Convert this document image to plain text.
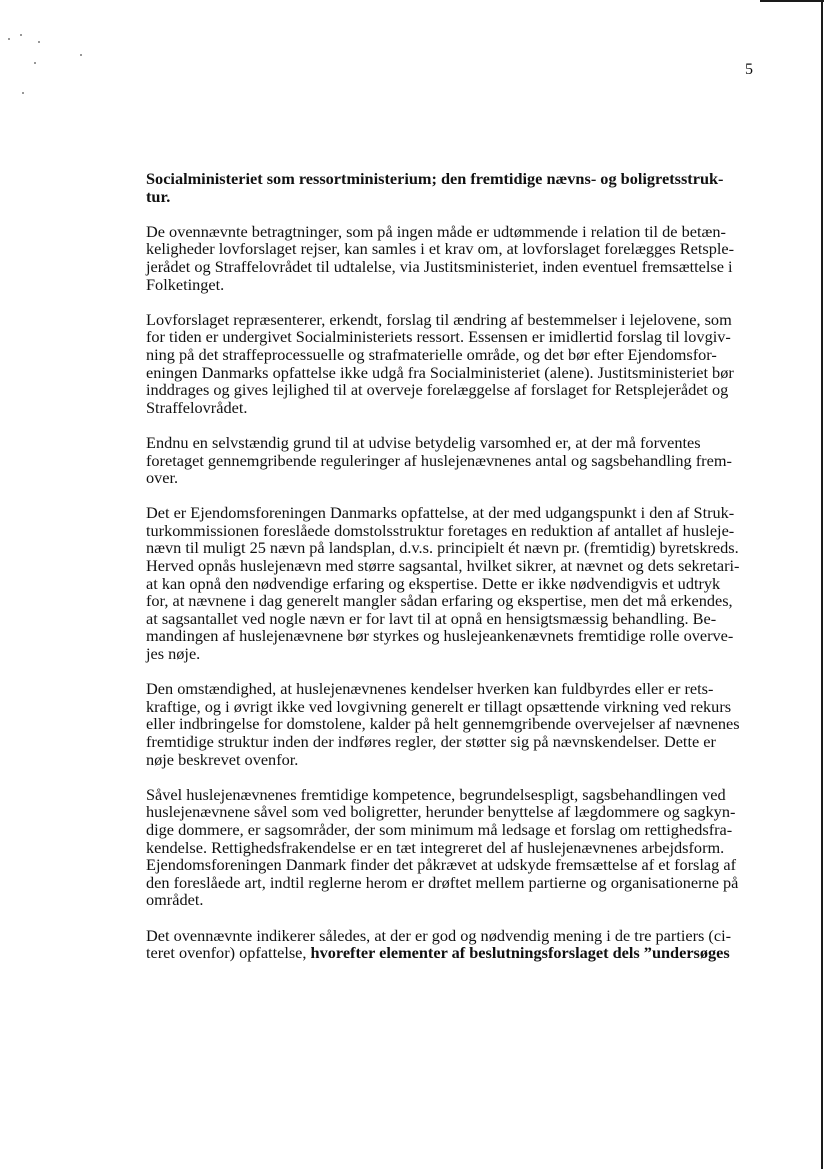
5

Socialministeriet som ressortministerium; den fremtidige nævns- og boligretsstruk-
tur.

De ovennævnte betragtninger, som på ingen måde er udtømmende i relation til de betæn-
keligheder lovforslaget rejser, kan samles i et krav om, at lovforslaget forelægges Retsple-
jerådet og Straffelovrådet til udtalelse, via Justitsministeriet, inden eventuel fremsættelse i
Folketinget.

Lovforslaget repræsenterer, erkendt, forslag til ændring af bestemmelser i lejelovene, som
for tiden er undergivet Socialministeriets ressort. Essensen er imidlertid forslag til lovgiv-
ning på det straffeprocessuelle og strafmaterielle område, og det bør efter Ejendomsfor-
eningen Danmarks opfattelse ikke udgå fra Socialministeriet (alene). Justitsministeriet bør
inddrages og gives lejlighed til at overveje forelæggelse af forslaget for Retsplejerådet og
Straffelovrådet.

Endnu en selvstændig grund til at udvise betydelig varsomhed er, at der må forventes
foretaget gennemgribende reguleringer af huslejenævnenes antal og sagsbehandling frem-
over.

Det er Ejendomsforeningen Danmarks opfattelse, at der med udgangspunkt i den af Struk-
turkommissionen foreslåede domstolsstruktur foretages en reduktion af antallet af husleje-
nævn til muligt 25 nævn på landsplan, d.v.s. principielt ét nævn pr. (fremtidig) byretskreds.
Herved opnås huslejenævn med større sagsantal, hvilket sikrer, at nævnet og dets sekretari-
at kan opnå den nødvendige erfaring og ekspertise. Dette er ikke nødvendigvis et udtryk
for, at nævnene i dag generelt mangler sådan erfaring og ekspertise, men det må erkendes,
at sagsantallet ved nogle nævn er for lavt til at opnå en hensigtsmæssig behandling. Be-
mandingen af huslejenævnene bør styrkes og huslejeankenævnets fremtidige rolle overve-
jes nøje.

Den omstændighed, at huslejenævnenes kendelser hverken kan fuldbyrdes eller er rets-
kraftige, og i øvrigt ikke ved lovgivning generelt er tillagt opsættende virkning ved rekurs
eller indbringelse for domstolene, kalder på helt gennemgribende overvejelser af nævnenes
fremtidige struktur inden der indføres regler, der støtter sig på nævnskendelser. Dette er
nøje beskrevet ovenfor.

Såvel huslejenævnenes fremtidige kompetence, begrundelsespligt, sagsbehandlingen ved
huslejenævnene såvel som ved boligretter, herunder benyttelse af lægdommere og sagkyn-
dige dommere, er sagsområder, der som minimum må ledsage et forslag om rettighedsfra-
kendelse. Rettighedsfrakendelse er en tæt integreret del af huslejenævnenes arbejdsform.
Ejendomsforeningen Danmark finder det påkrævet at udskyde fremsættelse af et forslag af
den foreslåede art, indtil reglerne herom er drøftet mellem partierne og organisationerne på
området.

Det ovennævnte indikerer således, at der er god og nødvendig mening i de tre partiers (ci-
teret ovenfor) opfattelse, hvorefter elementer af beslutningsforslaget dels ”undersøges
